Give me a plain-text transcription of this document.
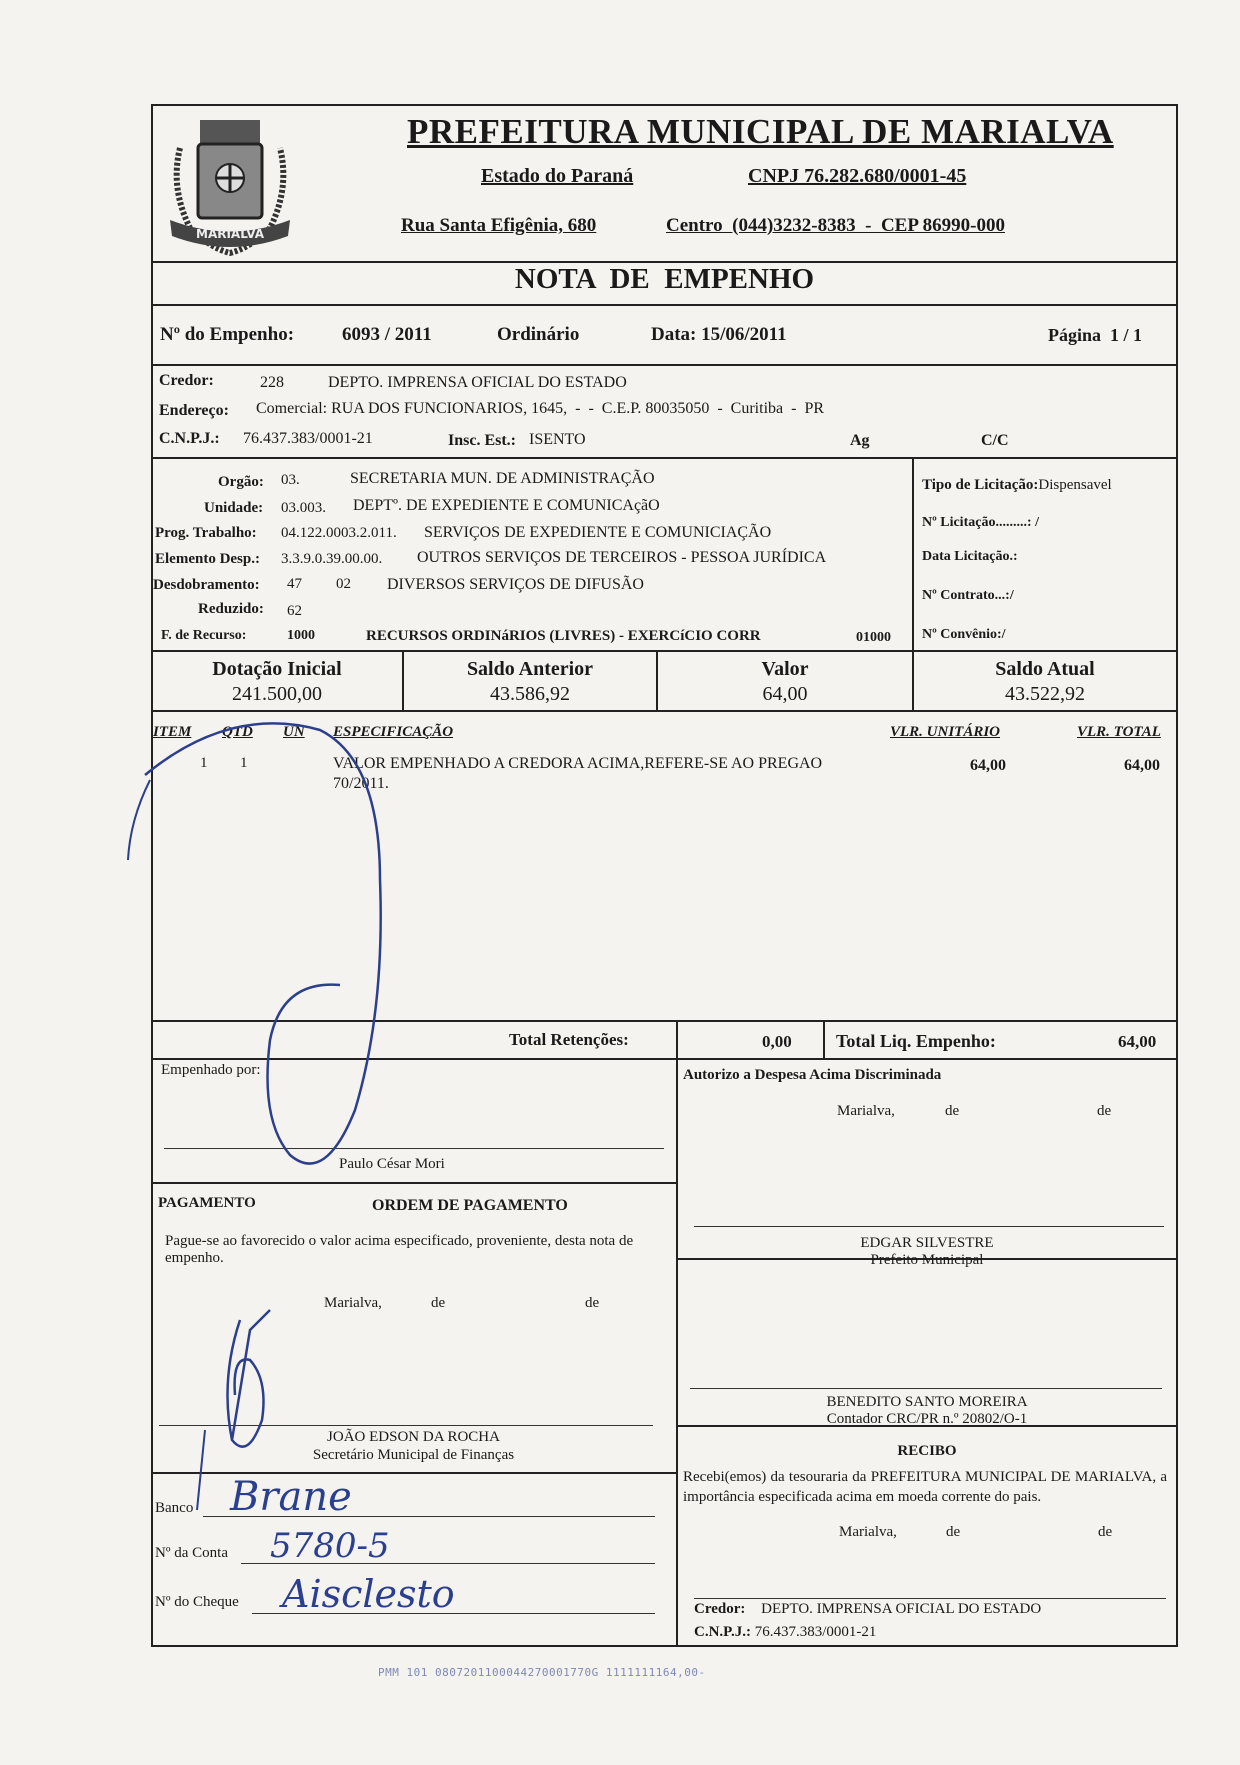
MARIALVA
PREFEITURA MUNICIPAL DE MARIALVA
Estado do Paraná	CNPJ 76.282.680/0001-45
Rua Santa Efigênia, 680	Centro  (044)3232-8383  -  CEP 86990-000
NOTA  DE  EMPENHO
Nº do Empenho:	6093 / 2011	Ordinário	Data: 15/06/2011	Página  1 / 1
Credor:	228	DEPTO. IMPRENSA OFICIAL DO ESTADO
Endereço: Comercial: RUA DOS FUNCIONARIOS, 1645,  -  -  C.E.P. 80035050  -  Curitiba  -  PR
C.N.P.J.: 76.437.383/0001-21	Insc. Est.: ISENTO	Ag	C/C
Orgão: 03.	SECRETARIA MUN. DE ADMINISTRAÇÃO
Unidade: 03.003. DEPTº. DE EXPEDIENTE E COMUNICAçãO
Prog. Trabalho: 04.122.0003.2.011. SERVIÇOS DE EXPEDIENTE E COMUNICIAÇÃO
Elemento Desp.: 3.3.9.0.39.00.00. OUTROS SERVIÇOS DE TERCEIROS - PESSOA JURÍDICA
Desdobramento: 47 02 DIVERSOS SERVIÇOS DE DIFUSÃO
Reduzido: 62
F. de Recurso:	1000	RECURSOS ORDINáRIOS (LIVRES) - EXERCíCIO CORR	01000
Tipo de Licitação:Dispensavel
Nº Licitação.........: /
Data Licitação.:
Nº Contrato...:/
Nº Convênio:/
Dotação Inicial
241.500,00
Saldo Anterior
43.586,92
Valor
64,00
Saldo Atual
43.522,92
ITEM QTD UN ESPECIFICAÇÃO	VLR. UNITÁRIO	VLR. TOTAL
1 1	VALOR EMPENHADO A CREDORA ACIMA,REFERE-SE AO PREGAO
70/2011.
64,00	64,00
Total Retenções:	0,00 Total Liq. Empenho:	64,00
Empenhado por:
Paulo César Mori
Autorizo a Despesa Acima Discriminada
Marialva,	de	de
EDGAR SILVESTRE
Prefeito Municipal
BENEDITO SANTO MOREIRA
Contador CRC/PR n.º 20802/O-1
PAGAMENTO	ORDEM DE PAGAMENTO
Pague-se ao favorecido o valor acima especificado, proveniente, desta nota de empenho.
Marialva,	de	de
JOÃO EDSON DA ROCHA
Secretário Municipal de Finanças
Banco Brane
Nº da Conta 5780-5
Nº do Cheque Aisclesto
RECIBO
Recebi(emos) da tesouraria da PREFEITURA MUNICIPAL DE MARIALVA, a importância especificada acima em moeda corrente do pais.
Marialva,	de	de
Credor: DEPTO. IMPRENSA OFICIAL DO ESTADO
C.N.P.J.: 76.437.383/0001-21
PMM 101 0807201100044270001770G 1111111164,00-
